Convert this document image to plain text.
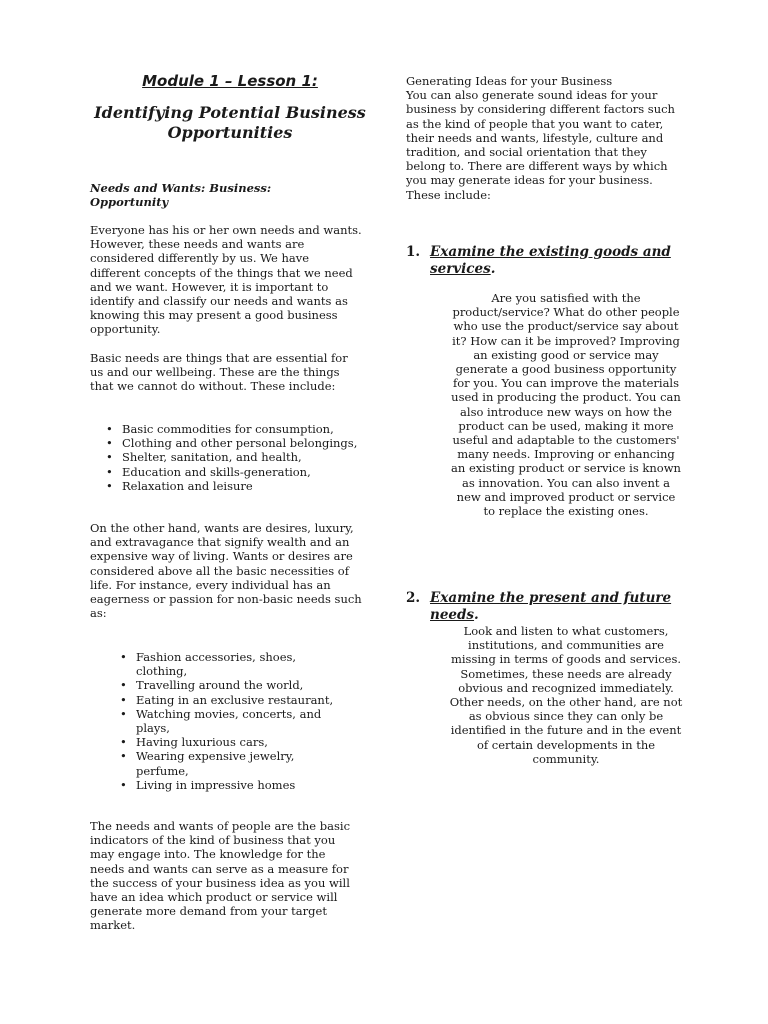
Module 1 – Lesson 1:
Identifying Potential Business Opportunities
Needs and Wants: Business: Opportunity

Everyone has his or her own needs and wants. However, these needs and wants are considered differently by us. We have different concepts of the things that we need and we want. However, it is important to identify and classify our needs and wants as knowing this may present a good business opportunity.

Basic needs are things that are essential for us and our wellbeing. These are the things that we cannot do without. These include:

• Basic commodities for consumption,
• Clothing and other personal belongings,
• Shelter, sanitation, and health,
• Education and skills-generation,
• Relaxation and leisure

On the other hand, wants are desires, luxury, and extravagance that signify wealth and an expensive way of living. Wants or desires are considered above all the basic necessities of life. For instance, every individual has an eagerness or passion for non-basic needs such as:

• Fashion accessories, shoes, clothing,
• Travelling around the world,
• Eating in an exclusive restaurant,
• Watching movies, concerts, and plays,
• Having luxurious cars,
• Wearing expensive jewelry, perfume,
• Living in impressive homes

The needs and wants of people are the basic indicators of the kind of business that you may engage into. The knowledge for the needs and wants can serve as a measure for the success of your business idea as you will have an idea which product or service will generate more demand from your target market.

Generating Ideas for your Business
You can also generate sound ideas for your business by considering different factors such as the kind of people that you want to cater, their needs and wants, lifestyle, culture and tradition, and social orientation that they belong to. There are different ways by which you may generate ideas for your business. These include:

1. Examine the existing goods and services.

Are you satisfied with the product/service? What do other people who use the product/service say about it? How can it be improved? Improving an existing good or service may generate a good business opportunity for you. You can improve the materials used in producing the product. You can also introduce new ways on how the product can be used, making it more useful and adaptable to the customers' many needs. Improving or enhancing an existing product or service is known as innovation. You can also invent a new and improved product or service to replace the existing ones.

2. Examine the present and future needs.

Look and listen to what customers, institutions, and communities are missing in terms of goods and services. Sometimes, these needs are already obvious and recognized immediately. Other needs, on the other hand, are not as obvious since they can only be identified in the future and in the event of certain developments in the community.
